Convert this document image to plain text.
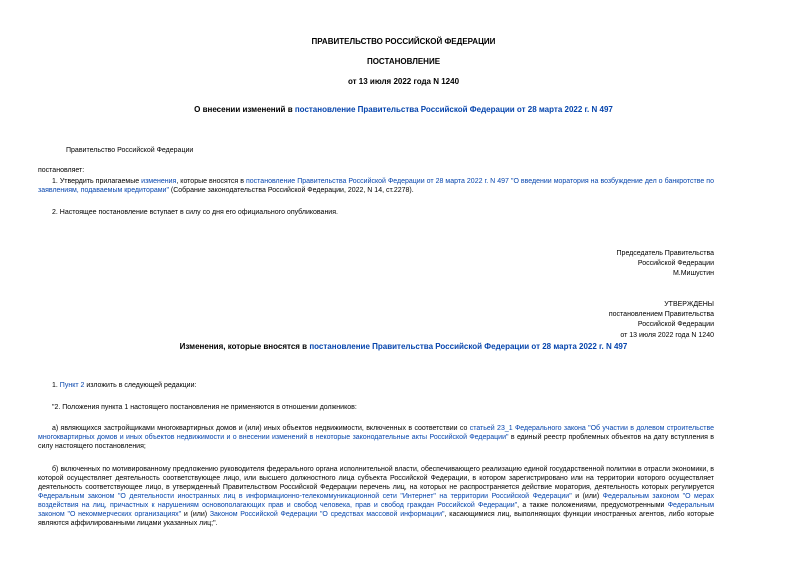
ПРАВИТЕЛЬСТВО РОССИЙСКОЙ ФЕДЕРАЦИИ
ПОСТАНОВЛЕНИЕ
от 13 июля 2022 года N 1240
О внесении изменений в постановление Правительства Российской Федерации от 28 марта 2022 г. N 497

Правительство Российской Федерации

постановляет:

1. Утвердить прилагаемые изменения, которые вносятся в постановление Правительства Российской Федерации от 28 марта 2022 г. N 497 "О введении моратория на возбуждение дел о банкротстве по заявлениям, подаваемым кредиторами" (Собрание законодательства Российской Федерации, 2022, N 14, ст.2278).

2. Настоящее постановление вступает в силу со дня его официального опубликования.

Председатель Правительства
Российской Федерации
М.Мишустин
УТВЕРЖДЕНЫ
постановлением Правительства
Российской Федерации
от 13 июля 2022 года N 1240
Изменения, которые вносятся в постановление Правительства Российской Федерации от 28 марта 2022 г. N 497

1. Пункт 2 изложить в следующей редакции:

"2. Положения пункта 1 настоящего постановления не применяются в отношении должников:

а) являющихся застройщиками многоквартирных домов и (или) иных объектов недвижимости, включенных в соответствии со статьей 23_1 Федерального закона "Об участии в долевом строительстве многоквартирных домов и иных объектов недвижимости и о внесении изменений в некоторые законодательные акты Российской Федерации" в единый реестр проблемных объектов на дату вступления в силу настоящего постановления;

б) включенных по мотивированному предложению руководителя федерального органа исполнительной власти, обеспечивающего реализацию единой государственной политики в отрасли экономики, в которой осуществляет деятельность соответствующее лицо, или высшего должностного лица субъекта Российской Федерации, в котором зарегистрировано или на территории которого осуществляет деятельность соответствующее лицо, в утвержденный Правительством Российской Федерации перечень лиц, на которых не распространяется действие моратория, деятельность которых регулируется Федеральным законом "О деятельности иностранных лиц в информационно-телекоммуникационной сети "Интернет" на территории Российской Федерации" и (или) Федеральным законом "О мерах воздействия на лиц, причастных к нарушениям основополагающих прав и свобод человека, прав и свобод граждан Российской Федерации", а также положениями, предусмотренными Федеральным законом "О некоммерческих организациях" и (или) Законом Российской Федерации "О средствах массовой информации", касающимися лиц, выполняющих функции иностранных агентов, либо которые являются аффилированными лицами указанных лиц;".
